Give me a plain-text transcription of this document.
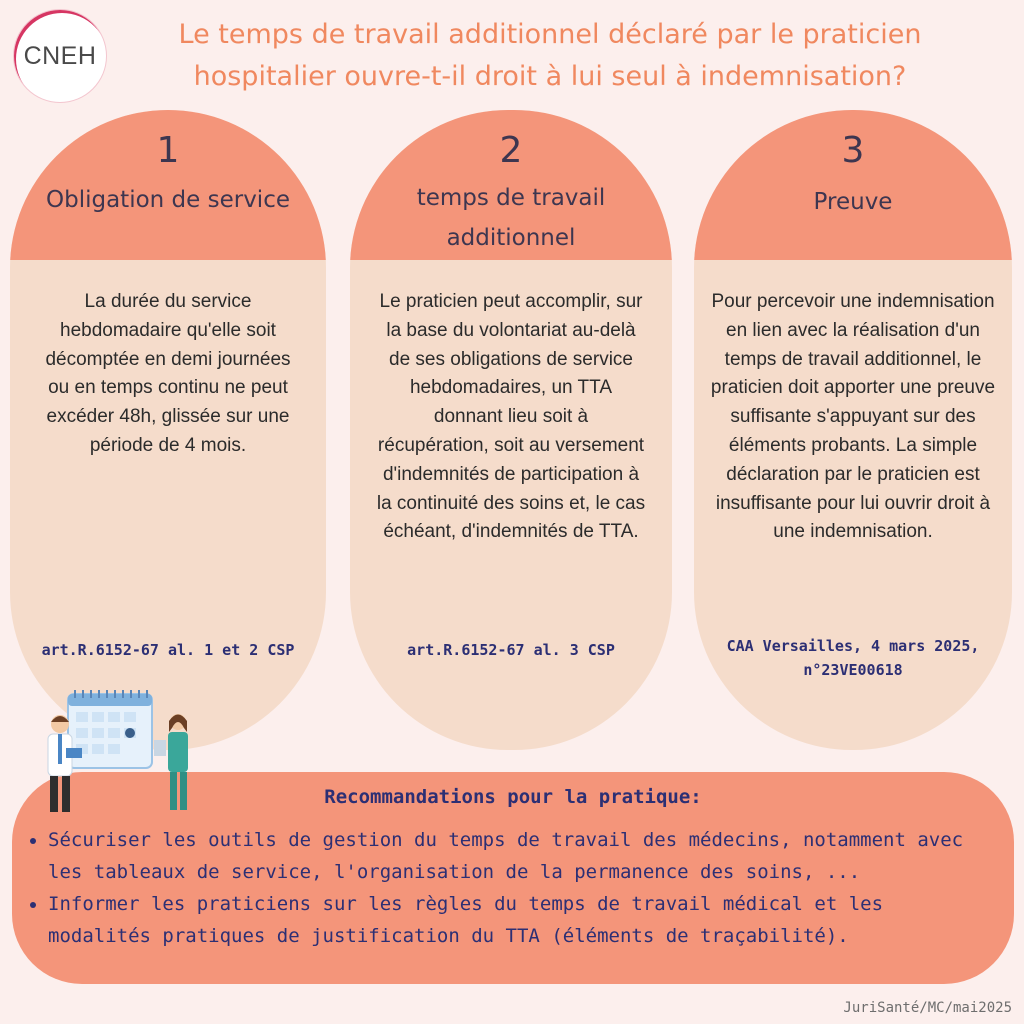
CNEH
Le temps de travail additionnel déclaré par le praticien hospitalier ouvre-t-il droit à lui seul à indemnisation?
1
Obligation de service
La durée du service hebdomadaire qu'elle soit décomptée en demi journées ou en temps continu ne peut excéder 48h, glissée sur une période de 4 mois.
art.R.6152-67 al. 1 et 2 CSP
2
temps de travail additionnel
Le praticien peut accomplir, sur la base du volontariat au-delà de ses obligations de service hebdomadaires, un TTA donnant lieu soit à récupération, soit au versement d'indemnités de participation à la continuité des soins et, le cas échéant, d'indemnités de TTA.
art.R.6152-67 al. 3 CSP
3
Preuve
Pour percevoir une indemnisation en lien avec la réalisation d'un temps de travail additionnel, le praticien doit apporter une preuve suffisante s'appuyant sur des éléments probants. La simple déclaration par le praticien est insuffisante pour lui ouvrir droit à une indemnisation.
CAA Versailles, 4 mars 2025, n°23VE00618
Recommandations pour la pratique:
• Sécuriser les outils de gestion du temps de travail des médecins, notamment avec les tableaux de service, l'organisation de la permanence des soins, ...
• Informer les praticiens sur les règles du temps de travail médical et les modalités pratiques de justification du TTA (éléments de traçabilité).
JuriSanté/MC/mai2025
